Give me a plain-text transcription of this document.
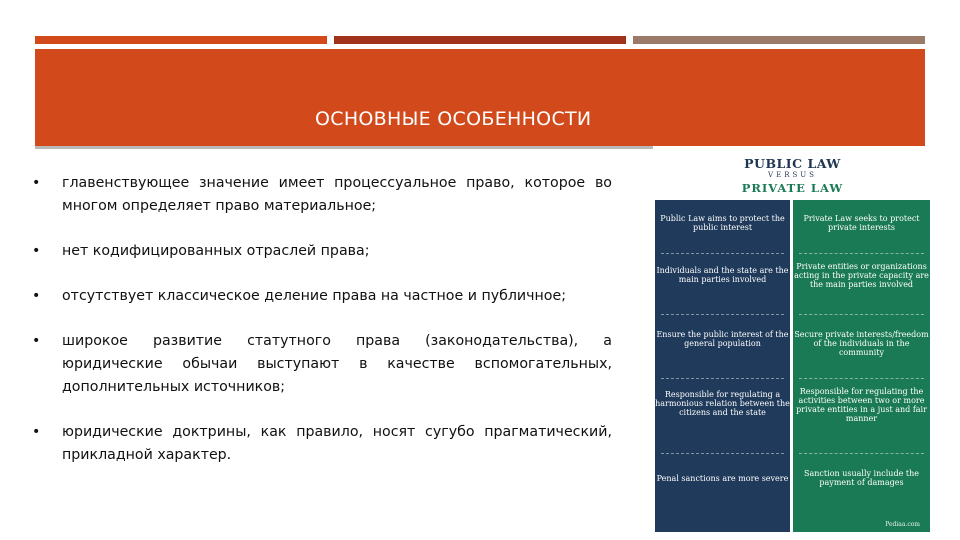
ОСНОВНЫЕ ОСОБЕННОСТИ
• главенствующее значение имеет процессуальное право, которое во многом определяет право материальное;
• нет кодифицированных отраслей права;
• отсутствует классическое деление права на частное и публичное;
• широкое развитие статутного права (законодательства), а юридические обычаи выступают в качестве вспомогательных, дополнительных источников;
• юридические доктрины, как правило, носят сугубо прагматический, прикладной характер.
PUBLIC LAW
VERSUS
PRIVATE LAW
Public Law aims to protect the public interest
Individuals and the state are the main parties involved
Ensure the public interest of the general population
Responsible for regulating a harmonious relation between the citizens and the state
Penal sanctions are more severe
Private Law seeks to protect private interests
Private entities or organizations acting in the private capacity are the main parties involved
Secure private interests/freedom of the individuals in the community
Responsible for regulating the activities between two or more private entities in a just and fair manner
Sanction usually include the payment of damages
Pediaa.com
